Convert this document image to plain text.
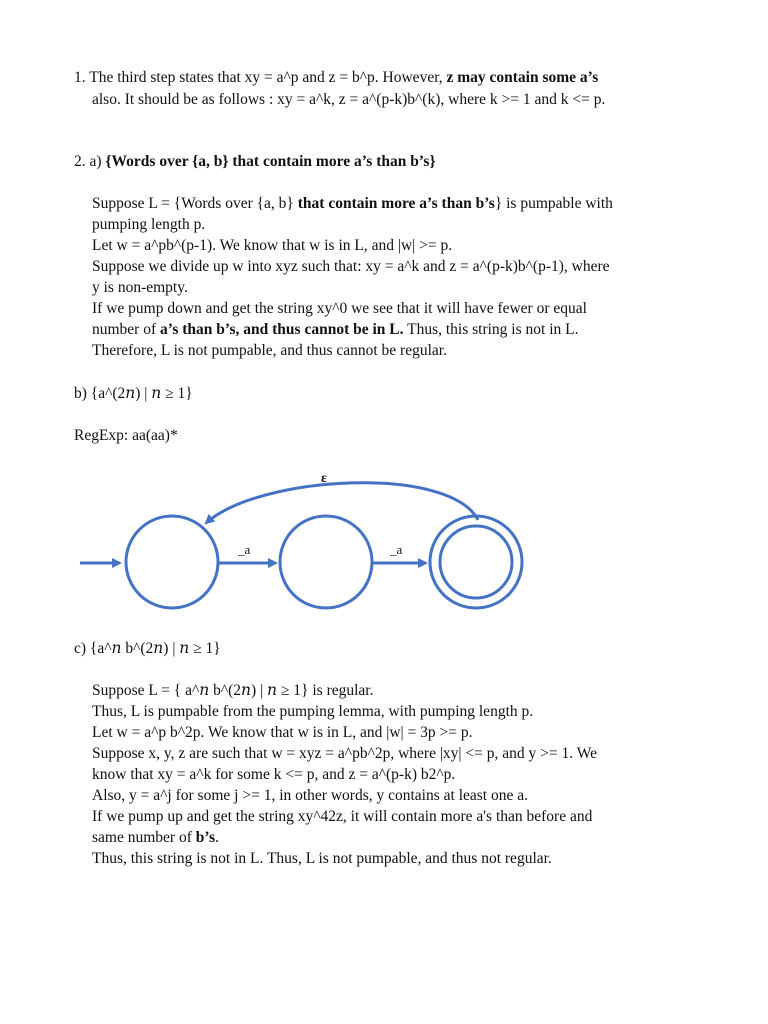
1. The third step states that xy = a^p and z = b^p. However, z may contain some a’s
also. It should be as follows : xy = a^k, z = a^(p-k)b^(k), where k >= 1 and k <= p.
2. a) {Words over {a, b} that contain more a’s than b’s}
Suppose L = {Words over {a, b} that contain more a’s than b’s} is pumpable with
pumping length p.
Let w = a^pb^(p-1). We know that w is in L, and |w| >= p.
Suppose we divide up w into xyz such that: xy = a^k and z = a^(p-k)b^(p-1), where
y is non-empty.
If we pump down and get the string xy^0 we see that it will have fewer or equal
number of a’s than b’s, and thus cannot be in L. Thus, this string is not in L.
Therefore, L is not pumpable, and thus cannot be regular.
b) {a^(2𝑛) | 𝑛 ≥ 1}
RegExp: aa(aa)*
ε
_a	_a
c) {a^𝑛 b^(2𝑛) | 𝑛 ≥ 1}
Suppose L = { a^𝑛 b^(2𝑛) | 𝑛 ≥ 1} is regular.
Thus, L is pumpable from the pumping lemma, with pumping length p.
Let w = a^p b^2p. We know that w is in L, and |w| = 3p >= p.
Suppose x, y, z are such that w = xyz = a^pb^2p, where |xy| <= p, and y >= 1. We
know that xy = a^k for some k <= p, and z = a^(p-k) b2^p.
Also, y = a^j for some j >= 1, in other words, y contains at least one a.
If we pump up and get the string xy^42z, it will contain more a's than before and
same number of b’s.
Thus, this string is not in L. Thus, L is not pumpable, and thus not regular.
